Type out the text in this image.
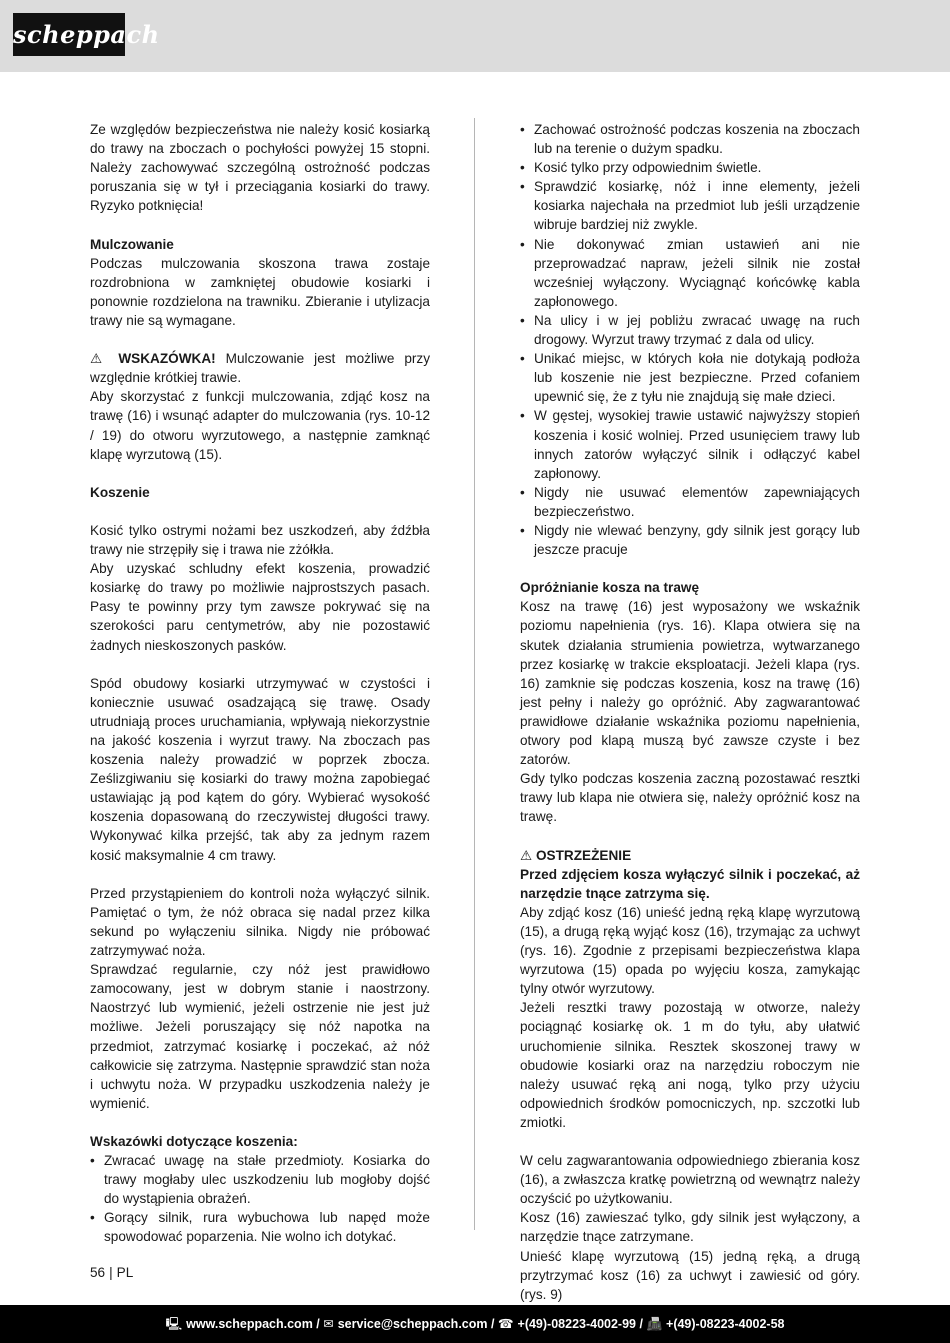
scheppach

Ze względów bezpieczeństwa nie należy kosić kosiarką do trawy na zboczach o pochyłości powyżej 15 stopni. Należy zachowywać szczególną ostrożność podczas poruszania się w tył i przeciągania kosiarki do trawy. Ryzyko potknięcia!

Mulczowanie

Podczas mulczowania skoszona trawa zostaje rozdrobniona w zamkniętej obudowie kosiarki i ponownie rozdzielona na trawniku. Zbieranie i utylizacja trawy nie są wymagane.

⚠ WSKAZÓWKA! Mulczowanie jest możliwe przy względnie krótkiej trawie.

Aby skorzystać z funkcji mulczowania, zdjąć kosz na trawę (16) i wsunąć adapter do mulczowania (rys. 10-12 / 19) do otworu wyrzutowego, a następnie zamknąć klapę wyrzutową (15).

Koszenie

Kosić tylko ostrymi nożami bez uszkodzeń, aby źdźbła trawy nie strzępiły się i trawa nie zżółkła.

Aby uzyskać schludny efekt koszenia, prowadzić kosiarkę do trawy po możliwie najprostszych pasach. Pasy te powinny przy tym zawsze pokrywać się na szerokości paru centymetrów, aby nie pozostawić żadnych nieskoszonych pasków.

Spód obudowy kosiarki utrzymywać w czystości i koniecznie usuwać osadzającą się trawę. Osady utrudniają proces uruchamiania, wpływają niekorzystnie na jakość koszenia i wyrzut trawy. Na zboczach pas koszenia należy prowadzić w poprzek zbocza. Ześlizgiwaniu się kosiarki do trawy można zapobiegać ustawiając ją pod kątem do góry. Wybierać wysokość koszenia dopasowaną do rzeczywistej długości trawy. Wykonywać kilka przejść, tak aby za jednym razem kosić maksymalnie 4 cm trawy.

Przed przystąpieniem do kontroli noża wyłączyć silnik. Pamiętać o tym, że nóż obraca się nadal przez kilka sekund po wyłączeniu silnika. Nigdy nie próbować zatrzymywać noża.

Sprawdzać regularnie, czy nóż jest prawidłowo zamocowany, jest w dobrym stanie i naostrzony. Naostrzyć lub wymienić, jeżeli ostrzenie nie jest już możliwe. Jeżeli poruszający się nóż napotka na przedmiot, zatrzymać kosiarkę i poczekać, aż nóż całkowicie się zatrzyma. Następnie sprawdzić stan noża i uchwytu noża. W przypadku uszkodzenia należy je wymienić.

Wskazówki dotyczące koszenia:

• Zwracać uwagę na stałe przedmioty. Kosiarka do trawy mogłaby ulec uszkodzeniu lub mogłoby dojść do wystąpienia obrażeń.
• Gorący silnik, rura wybuchowa lub napęd może spowodować poparzenia. Nie wolno ich dotykać.
• Zachować ostrożność podczas koszenia na zboczach lub na terenie o dużym spadku.
• Kosić tylko przy odpowiednim świetle.
• Sprawdzić kosiarkę, nóż i inne elementy, jeżeli kosiarka najechała na przedmiot lub jeśli urządzenie wibruje bardziej niż zwykle.
• Nie dokonywać zmian ustawień ani nie przeprowadzać napraw, jeżeli silnik nie został wcześniej wyłączony. Wyciągnąć końcówkę kabla zapłonowego.
• Na ulicy i w jej pobliżu zwracać uwagę na ruch drogowy. Wyrzut trawy trzymać z dala od ulicy.
• Unikać miejsc, w których koła nie dotykają podłoża lub koszenie nie jest bezpieczne. Przed cofaniem upewnić się, że z tyłu nie znajdują się małe dzieci.
• W gęstej, wysokiej trawie ustawić najwyższy stopień koszenia i kosić wolniej. Przed usunięciem trawy lub innych zatorów wyłączyć silnik i odłączyć kabel zapłonowy.
• Nigdy nie usuwać elementów zapewniających bezpieczeństwo.
• Nigdy nie wlewać benzyny, gdy silnik jest gorący lub jeszcze pracuje

Opróżnianie kosza na trawę

Kosz na trawę (16) jest wyposażony we wskaźnik poziomu napełnienia (rys. 16). Klapa otwiera się na skutek działania strumienia powietrza, wytwarzanego przez kosiarkę w trakcie eksploatacji. Jeżeli klapa (rys. 16) zamknie się podczas koszenia, kosz na trawę (16) jest pełny i należy go opróżnić. Aby zagwarantować prawidłowe działanie wskaźnika poziomu napełnienia, otwory pod klapą muszą być zawsze czyste i bez zatorów.

Gdy tylko podczas koszenia zaczną pozostawać resztki trawy lub klapa nie otwiera się, należy opróżnić kosz na trawę.

⚠ OSTRZEŻENIE

Przed zdjęciem kosza wyłączyć silnik i poczekać, aż narzędzie tnące zatrzyma się.

Aby zdjąć kosz (16) unieść jedną ręką klapę wyrzutową (15), a drugą ręką wyjąć kosz (16), trzymając za uchwyt (rys. 16). Zgodnie z przepisami bezpieczeństwa klapa wyrzutowa (15) opada po wyjęciu kosza, zamykając tylny otwór wyrzutowy.

Jeżeli resztki trawy pozostają w otworze, należy pociągnąć kosiarkę ok. 1 m do tyłu, aby ułatwić uruchomienie silnika. Resztek skoszonej trawy w obudowie kosiarki oraz na narzędziu roboczym nie należy usuwać ręką ani nogą, tylko przy użyciu odpowiednich środków pomocniczych, np. szczotki lub zmiotki.

W celu zagwarantowania odpowiedniego zbierania kosz (16), a zwłaszcza kratkę powietrzną od wewnątrz należy oczyścić po użytkowaniu.

Kosz (16) zawieszać tylko, gdy silnik jest wyłączony, a narzędzie tnące zatrzymane.

Unieść klapę wyrzutową (15) jedną ręką, a drugą przytrzymać kosz (16) za uchwyt i zawiesić od góry. (rys. 9)

56 | PL
🖳 www.scheppach.com / ✉ service@scheppach.com / ☎ +(49)-08223-4002-99 / 📠 +(49)-08223-4002-58
